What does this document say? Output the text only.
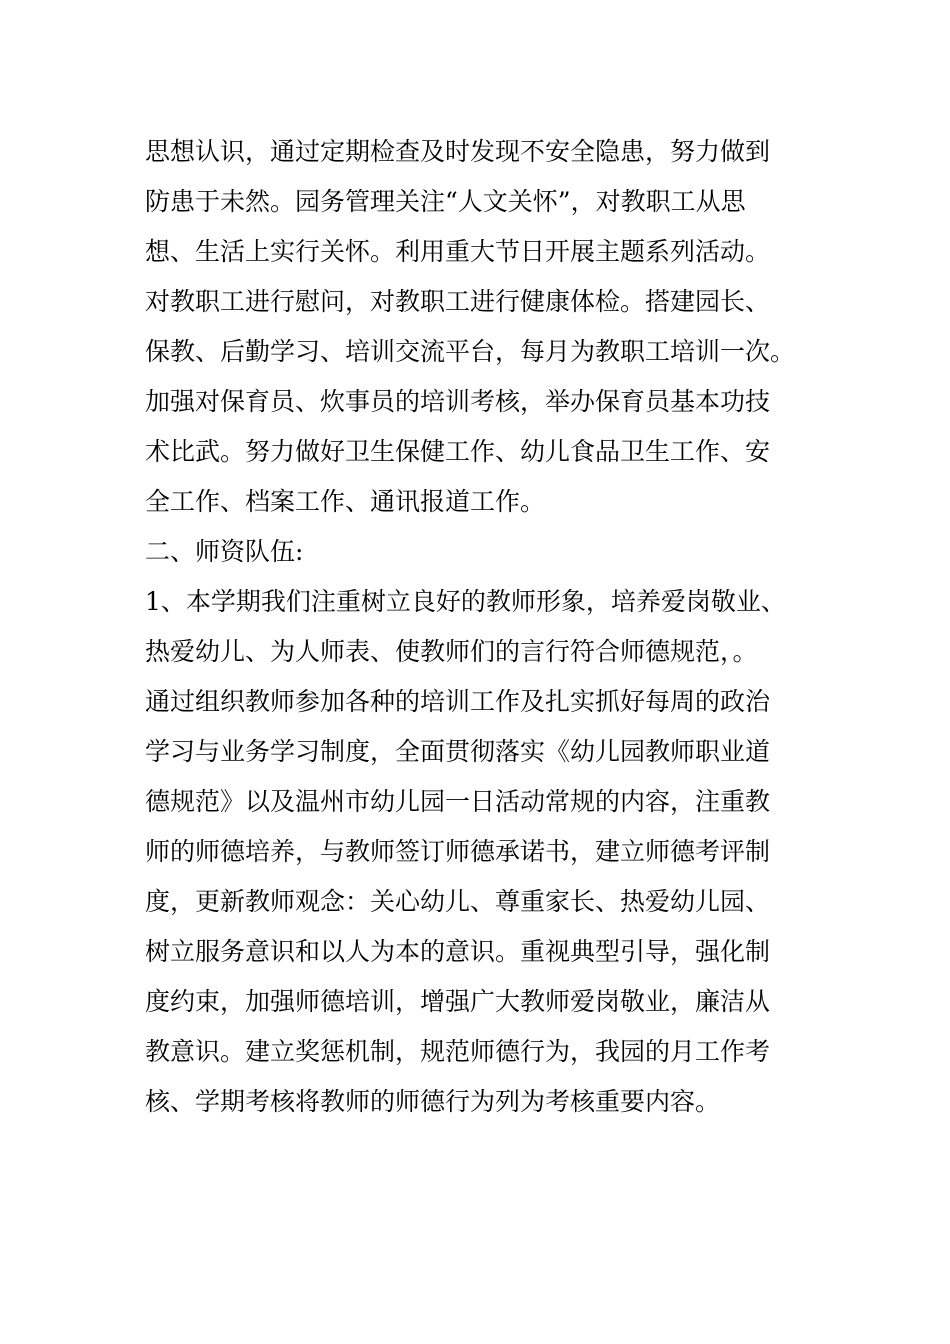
思想认识，通过定期检查及时发现不安全隐患，努力做到
防患于未然。园务管理关注“人文关怀”，对教职工从思
想、生活上实行关怀。利用重大节日开展主题系列活动。
对教职工进行慰问，对教职工进行健康体检。搭建园长、
保教、后勤学习、培训交流平台，每月为教职工培训一次。
加强对保育员、炊事员的培训考核，举办保育员基本功技
术比武。努力做好卫生保健工作、幼儿食品卫生工作、安
全工作、档案工作、通讯报道工作。
二、师资队伍:
1、本学期我们注重树立良好的教师形象，培养爱岗敬业、
热爱幼儿、为人师表、使教师们的言行符合师德规范，。
通过组织教师参加各种的培训工作及扎实抓好每周的政治
学习与业务学习制度，全面贯彻落实《幼儿园教师职业道
德规范》以及温州市幼儿园一日活动常规的内容，注重教
师的师德培养，与教师签订师德承诺书，建立师德考评制
度，更新教师观念：关心幼儿、尊重家长、热爱幼儿园、
树立服务意识和以人为本的意识。重视典型引导，强化制
度约束，加强师德培训，增强广大教师爱岗敬业，廉洁从
教意识。建立奖惩机制，规范师德行为，我园的月工作考
核、学期考核将教师的师德行为列为考核重要内容。
